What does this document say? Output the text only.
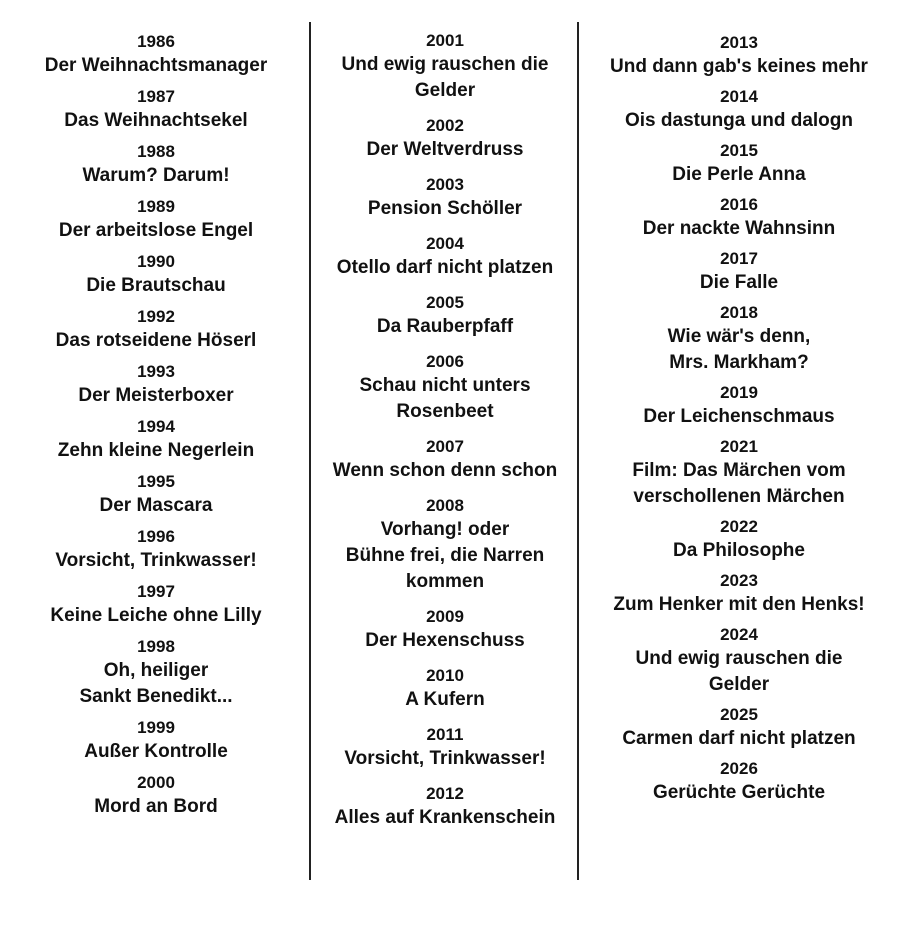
1986
Der Weihnachtsmanager
1987
Das Weihnachtsekel
1988
Warum? Darum!
1989
Der arbeitslose Engel
1990
Die Brautschau
1992
Das rotseidene Höserl
1993
Der Meisterboxer
1994
Zehn kleine Negerlein
1995
Der Mascara
1996
Vorsicht, Trinkwasser!
1997
Keine Leiche ohne Lilly
1998
Oh, heiliger
Sankt Benedikt...
1999
Außer Kontrolle
2000
Mord an Bord
2001
Und ewig rauschen die
Gelder
2002
Der Weltverdruss
2003
Pension Schöller
2004
Otello darf nicht platzen
2005
Da Rauberpfaff
2006
Schau nicht unters
Rosenbeet
2007
Wenn schon denn schon
2008
Vorhang! oder
Bühne frei, die Narren
kommen
2009
Der Hexenschuss
2010
A Kufern
2011
Vorsicht, Trinkwasser!
2012
Alles auf Krankenschein
2013
Und dann gab's keines mehr
2014
Ois dastunga und dalogn
2015
Die Perle Anna
2016
Der nackte Wahnsinn
2017
Die Falle
2018
Wie wär's denn,
Mrs. Markham?
2019
Der Leichenschmaus
2021
Film: Das Märchen vom
verschollenen Märchen
2022
Da Philosophe
2023
Zum Henker mit den Henks!
2024
Und ewig rauschen die
Gelder
2025
Carmen darf nicht platzen
2026
Gerüchte Gerüchte
